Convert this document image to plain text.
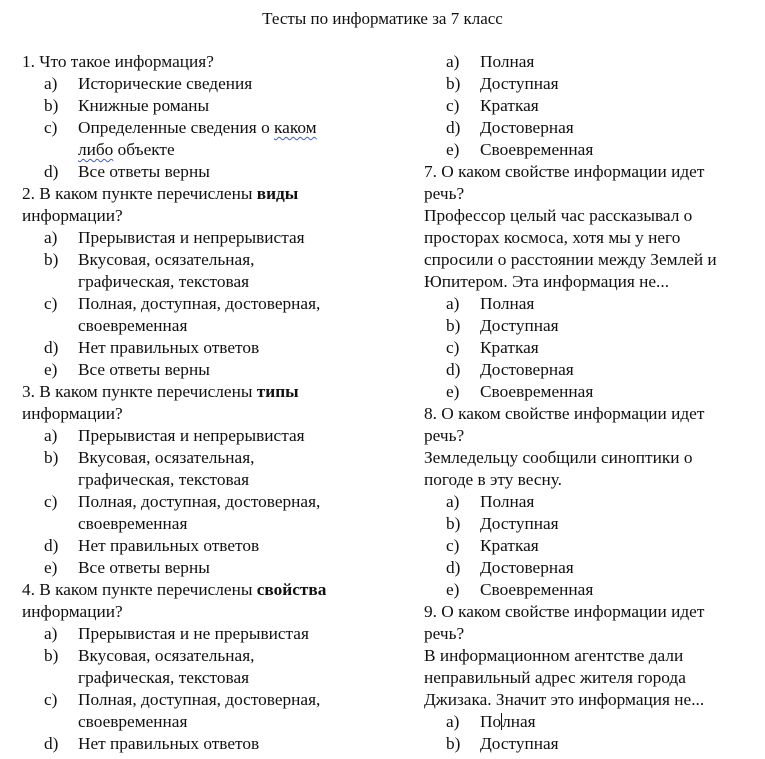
Тесты по информатике за 7 класс
1. Что такое информация?
a)	Исторические сведения
b)	Книжные романы
c)	Определенные сведения о каком
либо объекте
d)	Все ответы верны
2. В каком пункте перечислены виды
информации?
a)	Прерывистая и непрерывистая
b)	Вкусовая, осязательная,
графическая, текстовая
c)	Полная, доступная, достоверная,
своевременная
d)	Нет правильных ответов
e)	Все ответы верны
3. В каком пункте перечислены типы
информации?
a)	Прерывистая и непрерывистая
b)	Вкусовая, осязательная,
графическая, текстовая
c)	Полная, доступная, достоверная,
своевременная
d)	Нет правильных ответов
e)	Все ответы верны
4. В каком пункте перечислены свойства
информации?
a)	Прерывистая и не прерывистая
b)	Вкусовая, осязательная,
графическая, текстовая
c)	Полная, доступная, достоверная,
своевременная
d)	Нет правильных ответов
a)	Полная
b)	Доступная
c)	Краткая
d)	Достоверная
e)	Своевременная
7. О каком свойстве информации идет
речь?
Профессор целый час рассказывал о
просторах космоса, хотя мы у него
спросили о расстоянии между Землей и
Юпитером. Эта информация не...
a)	Полная
b)	Доступная
c)	Краткая
d)	Достоверная
e)	Своевременная
8. О каком свойстве информации идет
речь?
Земледельцу сообщили синоптики о
погоде в эту весну.
a)	Полная
b)	Доступная
c)	Краткая
d)	Достоверная
e)	Своевременная
9. О каком свойстве информации идет
речь?
В информационном агентстве дали
неправильный адрес жителя города
Джизака. Значит это информация не...
a)	Полная
b)	Доступная
